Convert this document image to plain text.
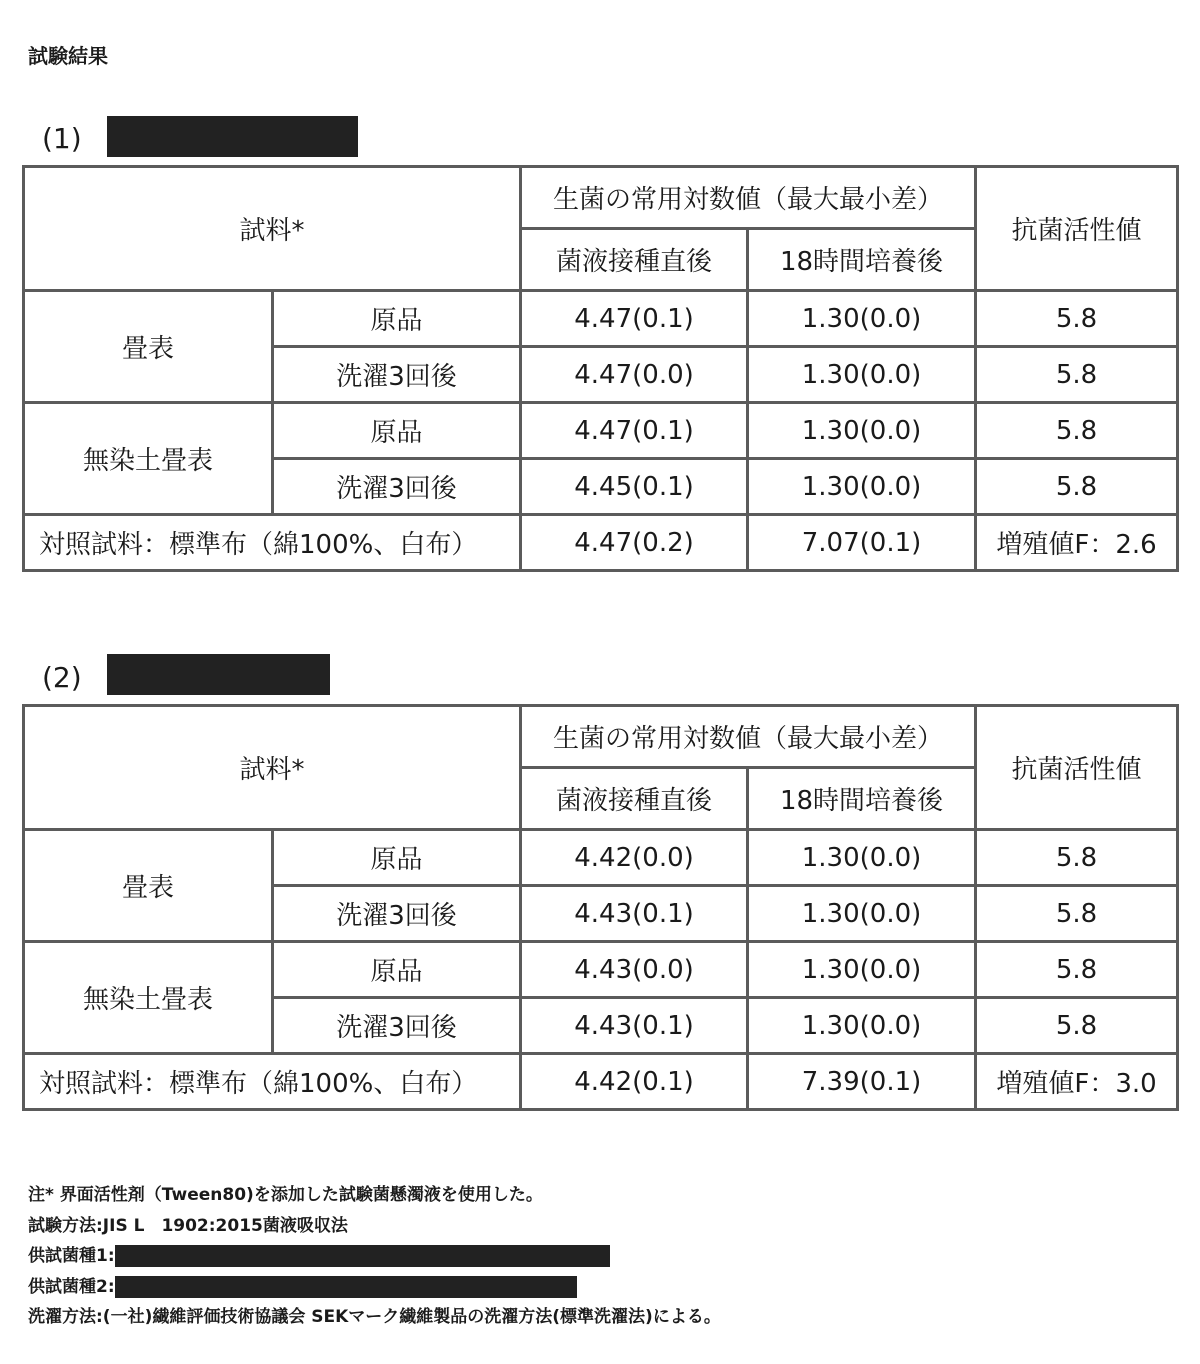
試験結果
(1)
試料*		生菌の常用対数値（最大最小差）		抗菌活性値
		菌液接種直後	18時間培養後	
畳表	原品	4.47(0.1)	1.30(0.0)	5.8
	洗濯3回後	4.47(0.0)	1.30(0.0)	5.8
無染土畳表	原品	4.47(0.1)	1.30(0.0)	5.8
	洗濯3回後	4.45(0.1)	1.30(0.0)	5.8
対照試料：標準布（綿100%、白布）		4.47(0.2)	7.07(0.1)	増殖値F：2.6
(2)
試料*		生菌の常用対数値（最大最小差）		抗菌活性値
		菌液接種直後	18時間培養後	
畳表	原品	4.42(0.0)	1.30(0.0)	5.8
	洗濯3回後	4.43(0.1)	1.30(0.0)	5.8
無染土畳表	原品	4.43(0.0)	1.30(0.0)	5.8
	洗濯3回後	4.43(0.1)	1.30(0.0)	5.8
対照試料：標準布（綿100%、白布）		4.42(0.1)	7.39(0.1)	増殖値F：3.0
注* 界面活性剤（Tween80)を添加した試験菌懸濁液を使用した。
試験方法:JIS L　1902:2015菌液吸収法
供試菌種1:
供試菌種2:
洗濯方法:(一社)繊維評価技術協議会 SEKマーク繊維製品の洗濯方法(標準洗濯法)による。
